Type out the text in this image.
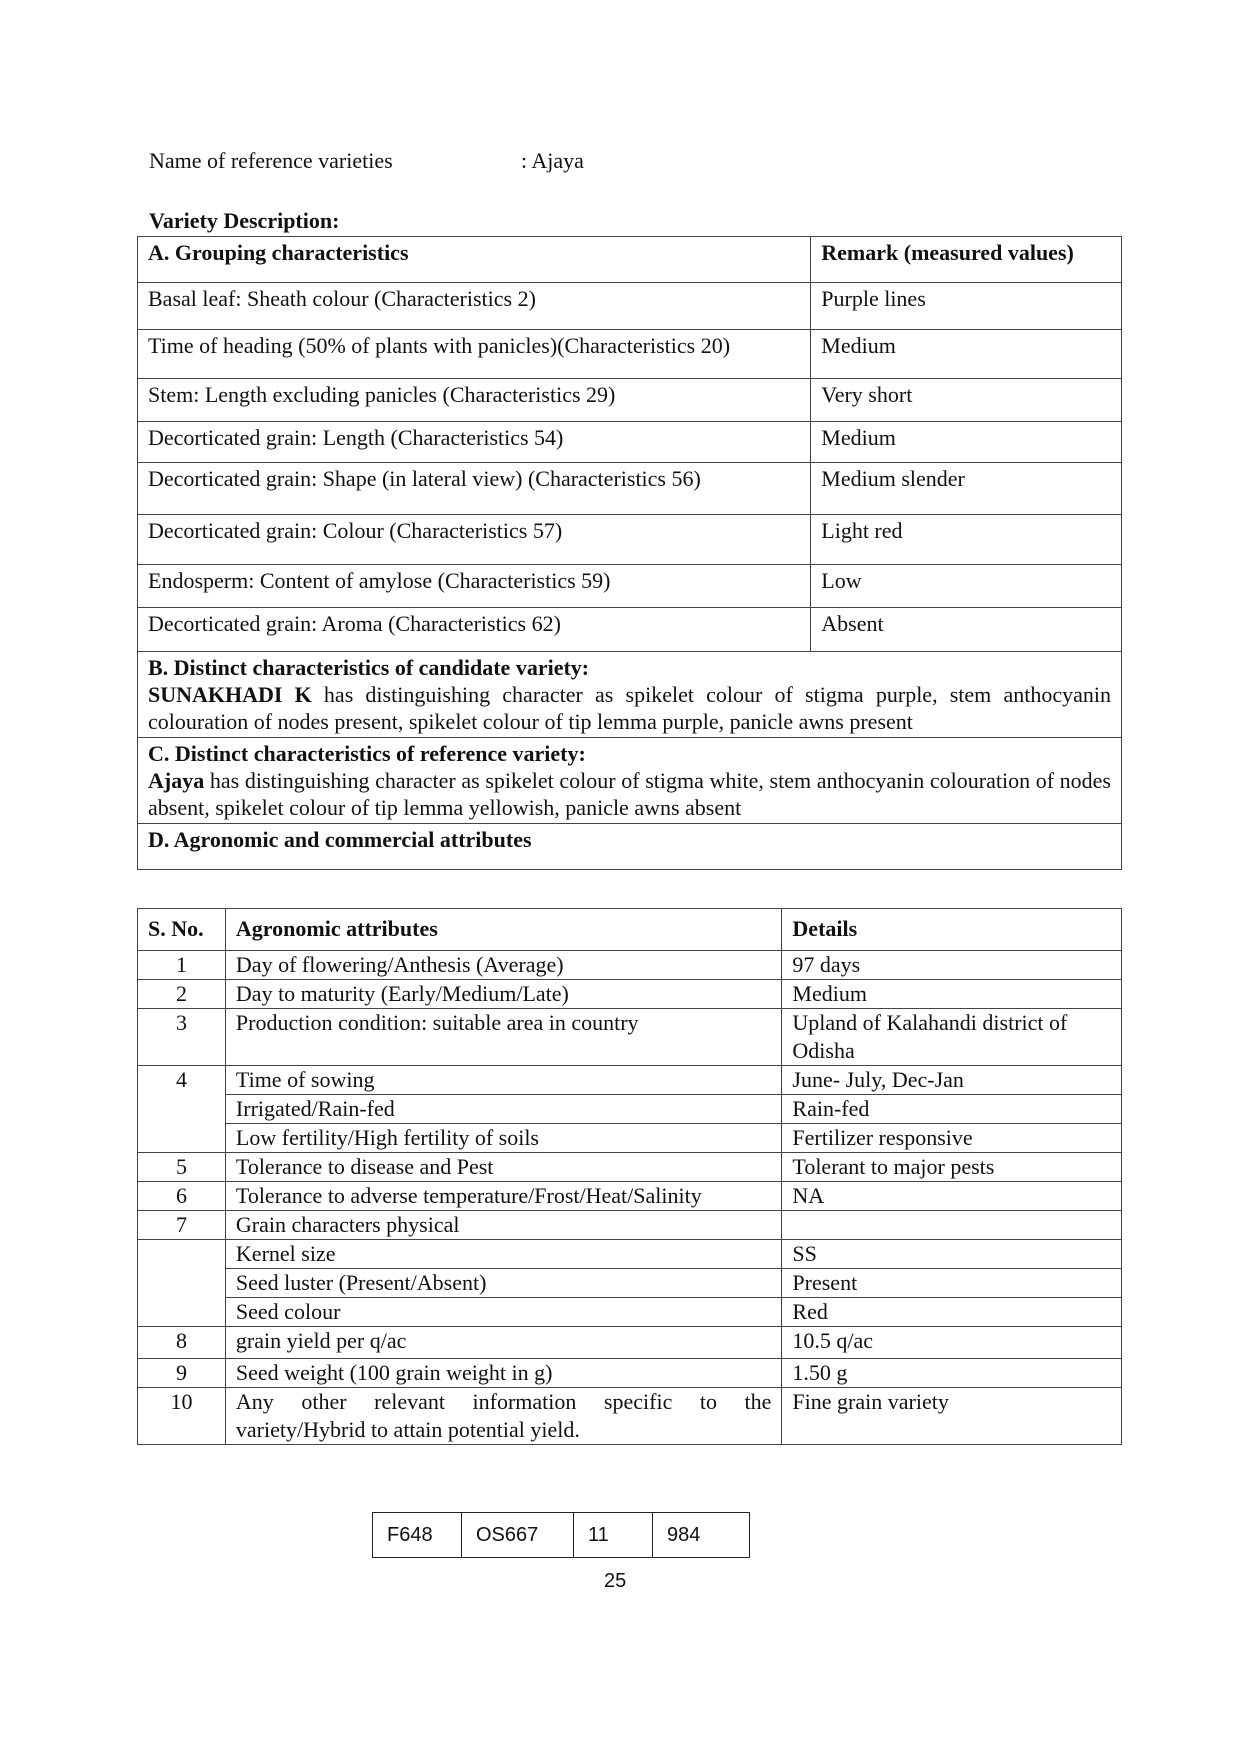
Name of reference varieties	: Ajaya
Variety Description:
A. Grouping characteristics	Remark (measured values)
Basal leaf: Sheath colour (Characteristics 2)	Purple lines
Time of heading (50% of plants with panicles)(Characteristics 20)	Medium
Stem: Length excluding panicles (Characteristics 29)	Very short
Decorticated grain: Length (Characteristics 54)	Medium
Decorticated grain: Shape (in lateral view) (Characteristics 56)	Medium slender
Decorticated grain: Colour (Characteristics 57)	Light red
Endosperm: Content of amylose (Characteristics 59)	Low
Decorticated grain: Aroma (Characteristics 62)	Absent

B. Distinct characteristics of candidate variety:
SUNAKHADI K has distinguishing character as spikelet colour of stigma purple, stem anthocyanin colouration of nodes present, spikelet colour of tip lemma purple, panicle awns present	

C. Distinct characteristics of reference variety:
Ajaya has distinguishing character as spikelet colour of stigma white, stem anthocyanin colouration of nodes absent, spikelet colour of tip lemma yellowish, panicle awns absent	
D. Agronomic and commercial attributes	
S. No.	Agronomic attributes	Details
1	Day of flowering/Anthesis (Average)	97 days
2	Day to maturity (Early/Medium/Late)	Medium
3	Production condition: suitable area in country	Upland of Kalahandi district of Odisha
4	Time of sowing	June- July, Dec-Jan
	Irrigated/Rain-fed	Rain-fed
	Low fertility/High fertility of soils	Fertilizer responsive
5	Tolerance to disease and Pest	Tolerant to major pests
6	Tolerance to adverse temperature/Frost/Heat/Salinity	NA
7	Grain characters physical	
	Kernel size	SS
	Seed luster (Present/Absent)	Present
	Seed colour	Red
8	grain yield per q/ac	10.5 q/ac
9	Seed weight (100 grain weight in g)	1.50 g
10	Any other relevant information specific to the variety/Hybrid to attain potential yield.	Fine grain variety
F648	OS667	11	984
25
